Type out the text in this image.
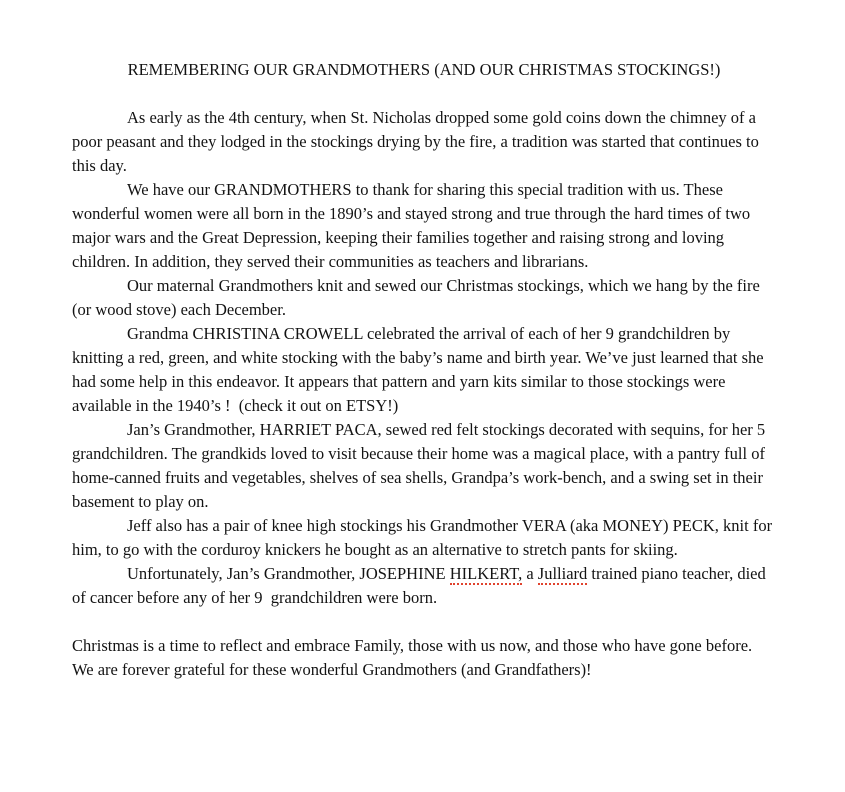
REMEMBERING OUR GRANDMOTHERS (AND OUR CHRISTMAS STOCKINGS!)

As early as the 4th century, when St. Nicholas dropped some gold coins down the chimney of a poor peasant and they lodged in the stockings drying by the fire, a tradition was started that continues to this day.

We have our GRANDMOTHERS to thank for sharing this special tradition with us. These wonderful women were all born in the 1890’s and stayed strong and true through the hard times of two major wars and the Great Depression, keeping their families together and raising strong and loving children. In addition, they served their communities as teachers and librarians.

Our maternal Grandmothers knit and sewed our Christmas stockings, which we hang by the fire (or wood stove) each December.

Grandma CHRISTINA CROWELL celebrated the arrival of each of her 9 grandchildren by knitting a red, green, and white stocking with the baby’s name and birth year. We’ve just learned that she had some help in this endeavor. It appears that pattern and yarn kits similar to those stockings were available in the 1940’s !  (check it out on ETSY!)

Jan’s Grandmother, HARRIET PACA, sewed red felt stockings decorated with sequins, for her 5 grandchildren. The grandkids loved to visit because their home was a magical place, with a pantry full of home-canned fruits and vegetables, shelves of sea shells, Grandpa’s work-bench, and a swing set in their basement to play on.

Jeff also has a pair of knee high stockings his Grandmother VERA (aka MONEY) PECK, knit for him, to go with the corduroy knickers he bought as an alternative to stretch pants for skiing.

Unfortunately, Jan’s Grandmother, JOSEPHINE HILKERT, a Julliard trained piano teacher, died of cancer before any of her 9  grandchildren were born.

Christmas is a time to reflect and embrace Family, those with us now, and those who have gone before. We are forever grateful for these wonderful Grandmothers (and Grandfathers)!
